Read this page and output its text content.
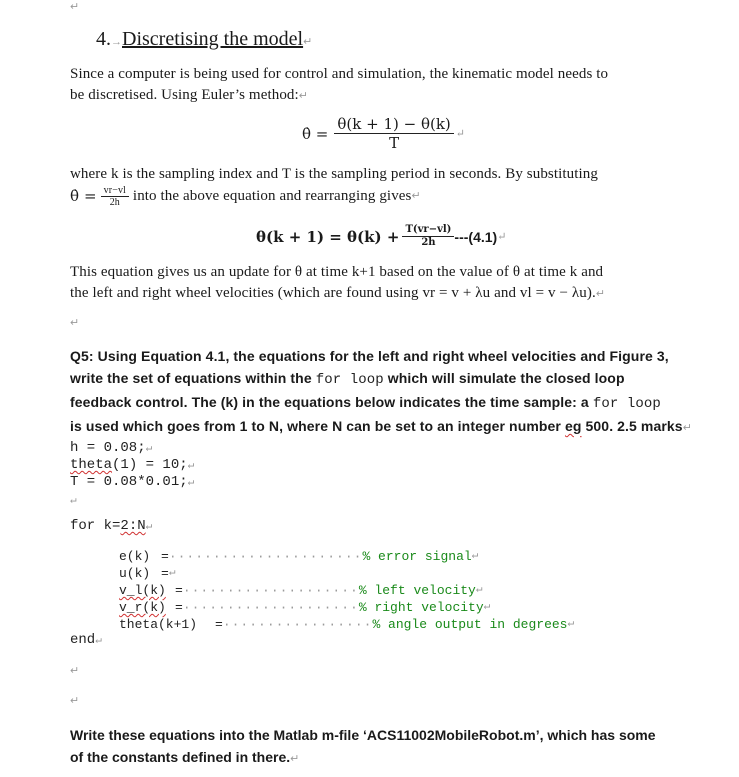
↵
4.→Discretising the model↵
Since a computer is being used for control and simulation, the kinematic model needs to
be discretised. Using Euler’s method:↵
θ̇ = $\frac{\theta(k + 1) - \theta(k)}{T}$ ↵
where k is the sampling index and T is the sampling period in seconds. By substituting
θ̇ = $\frac{vr-vl}{2h}$ into the above equation and rearranging gives ↵
$\theta(k + 1) = \theta(k) + \frac{T(vr-vl)}{2h} ---(4.1)$ ↵
This equation gives us an update for θ at time k+1 based on the value of θ at time k and
the left and right wheel velocities (which are found using vr = v + λu and vl = v − λu).↵
↵
Q5: Using Equation 4.1, the equations for the left and right wheel velocities and Figure 3,
write the set of equations within the for loop which will simulate the closed loop
feedback control. The (k) in the equations below indicates the time sample: a for loop
is used which goes from 1 to N, where N can be set to an integer number eg 500. 2.5 marks↵
h = 0.08;↵
theta(1) = 10;↵
T = 0.08*0.01;↵
↵
for k=2:N↵
e(k) = ······················ % error signal ↵
u(k) = ↵
v_l(k) = ···················· % left velocity ↵
v_r(k) = ···················· % right velocity ↵
theta(k+1)	= ················· % angle output in degrees ↵
end↵
↵
↵
Write these equations into the Matlab m-file ‘ACS11002MobileRobot.m’, which has some
of the constants defined in there.↵
